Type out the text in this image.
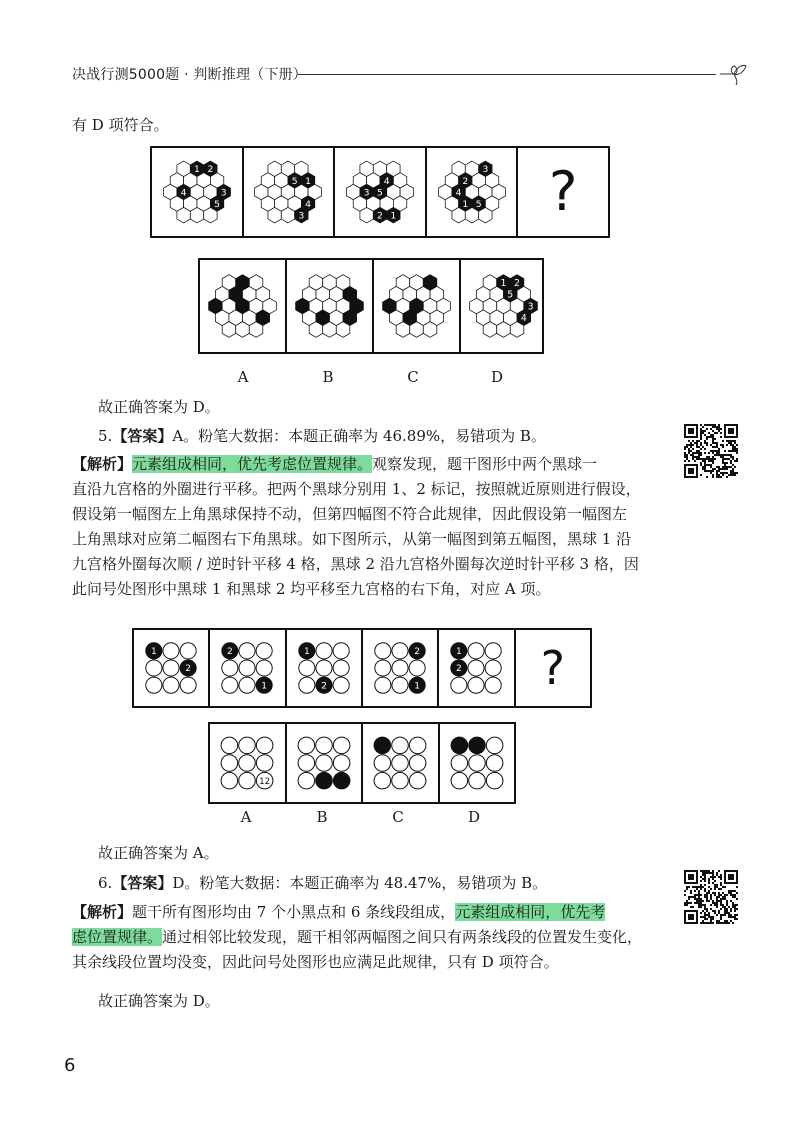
决战行测5000题 · 判断推理（下册）
有 D 项符合。
1 2
4	3
5
5 1
4
3
4
3 5
2 1
3
2
4
1 5 ?
1 2
5
3
4
A	B	C	D
故正确答案为 D。
5.【答案】A。粉笔大数据：本题正确率为 46.89%，易错项为 B。
【解析】元素组成相同，优先考虑位置规律。观察发现，题干图形中两个黑球一
直沿九宫格的外圈进行平移。把两个黑球分别用 1、2 标记，按照就近原则进行假设，
假设第一幅图左上角黑球保持不动，但第四幅图不符合此规律，因此假设第一幅图左
上角黑球对应第二幅图右下角黑球。如下图所示，从第一幅图到第五幅图，黑球 1 沿
九宫格外圈每次顺 / 逆时针平移 4 格，黑球 2 沿九宫格外圈每次逆时针平移 3 格，因
此问号处图形中黑球 1 和黑球 2 均平移至九宫格的右下角，对应 A 项。
1
2
2
1
1
2
2
1
1
2 ?
12
A	B	C	D
故正确答案为 A。
6.【答案】D。粉笔大数据：本题正确率为 48.47%，易错项为 B。
【解析】题干所有图形均由 7 个小黑点和 6 条线段组成，元素组成相同，优先考
虑位置规律。通过相邻比较发现，题干相邻两幅图之间只有两条线段的位置发生变化，
其余线段位置均没变，因此问号处图形也应满足此规律，只有 D 项符合。
故正确答案为 D。
6
